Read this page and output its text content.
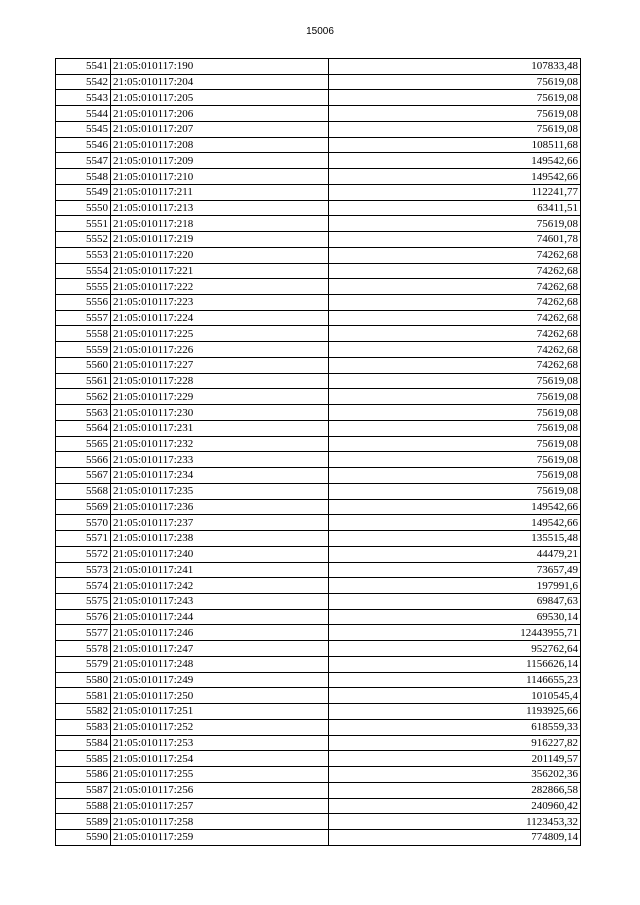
15006
5541	21:05:010117:190	107833,48
5542	21:05:010117:204	75619,08
5543	21:05:010117:205	75619,08
5544	21:05:010117:206	75619,08
5545	21:05:010117:207	75619,08
5546	21:05:010117:208	108511,68
5547	21:05:010117:209	149542,66
5548	21:05:010117:210	149542,66
5549	21:05:010117:211	112241,77
5550	21:05:010117:213	63411,51
5551	21:05:010117:218	75619,08
5552	21:05:010117:219	74601,78
5553	21:05:010117:220	74262,68
5554	21:05:010117:221	74262,68
5555	21:05:010117:222	74262,68
5556	21:05:010117:223	74262,68
5557	21:05:010117:224	74262,68
5558	21:05:010117:225	74262,68
5559	21:05:010117:226	74262,68
5560	21:05:010117:227	74262,68
5561	21:05:010117:228	75619,08
5562	21:05:010117:229	75619,08
5563	21:05:010117:230	75619,08
5564	21:05:010117:231	75619,08
5565	21:05:010117:232	75619,08
5566	21:05:010117:233	75619,08
5567	21:05:010117:234	75619,08
5568	21:05:010117:235	75619,08
5569	21:05:010117:236	149542,66
5570	21:05:010117:237	149542,66
5571	21:05:010117:238	135515,48
5572	21:05:010117:240	44479,21
5573	21:05:010117:241	73657,49
5574	21:05:010117:242	197991,6
5575	21:05:010117:243	69847,63
5576	21:05:010117:244	69530,14
5577	21:05:010117:246	12443955,71
5578	21:05:010117:247	952762,64
5579	21:05:010117:248	1156626,14
5580	21:05:010117:249	1146655,23
5581	21:05:010117:250	1010545,4
5582	21:05:010117:251	1193925,66
5583	21:05:010117:252	618559,33
5584	21:05:010117:253	916227,82
5585	21:05:010117:254	201149,57
5586	21:05:010117:255	356202,36
5587	21:05:010117:256	282866,58
5588	21:05:010117:257	240960,42
5589	21:05:010117:258	1123453,32
5590	21:05:010117:259	774809,14
